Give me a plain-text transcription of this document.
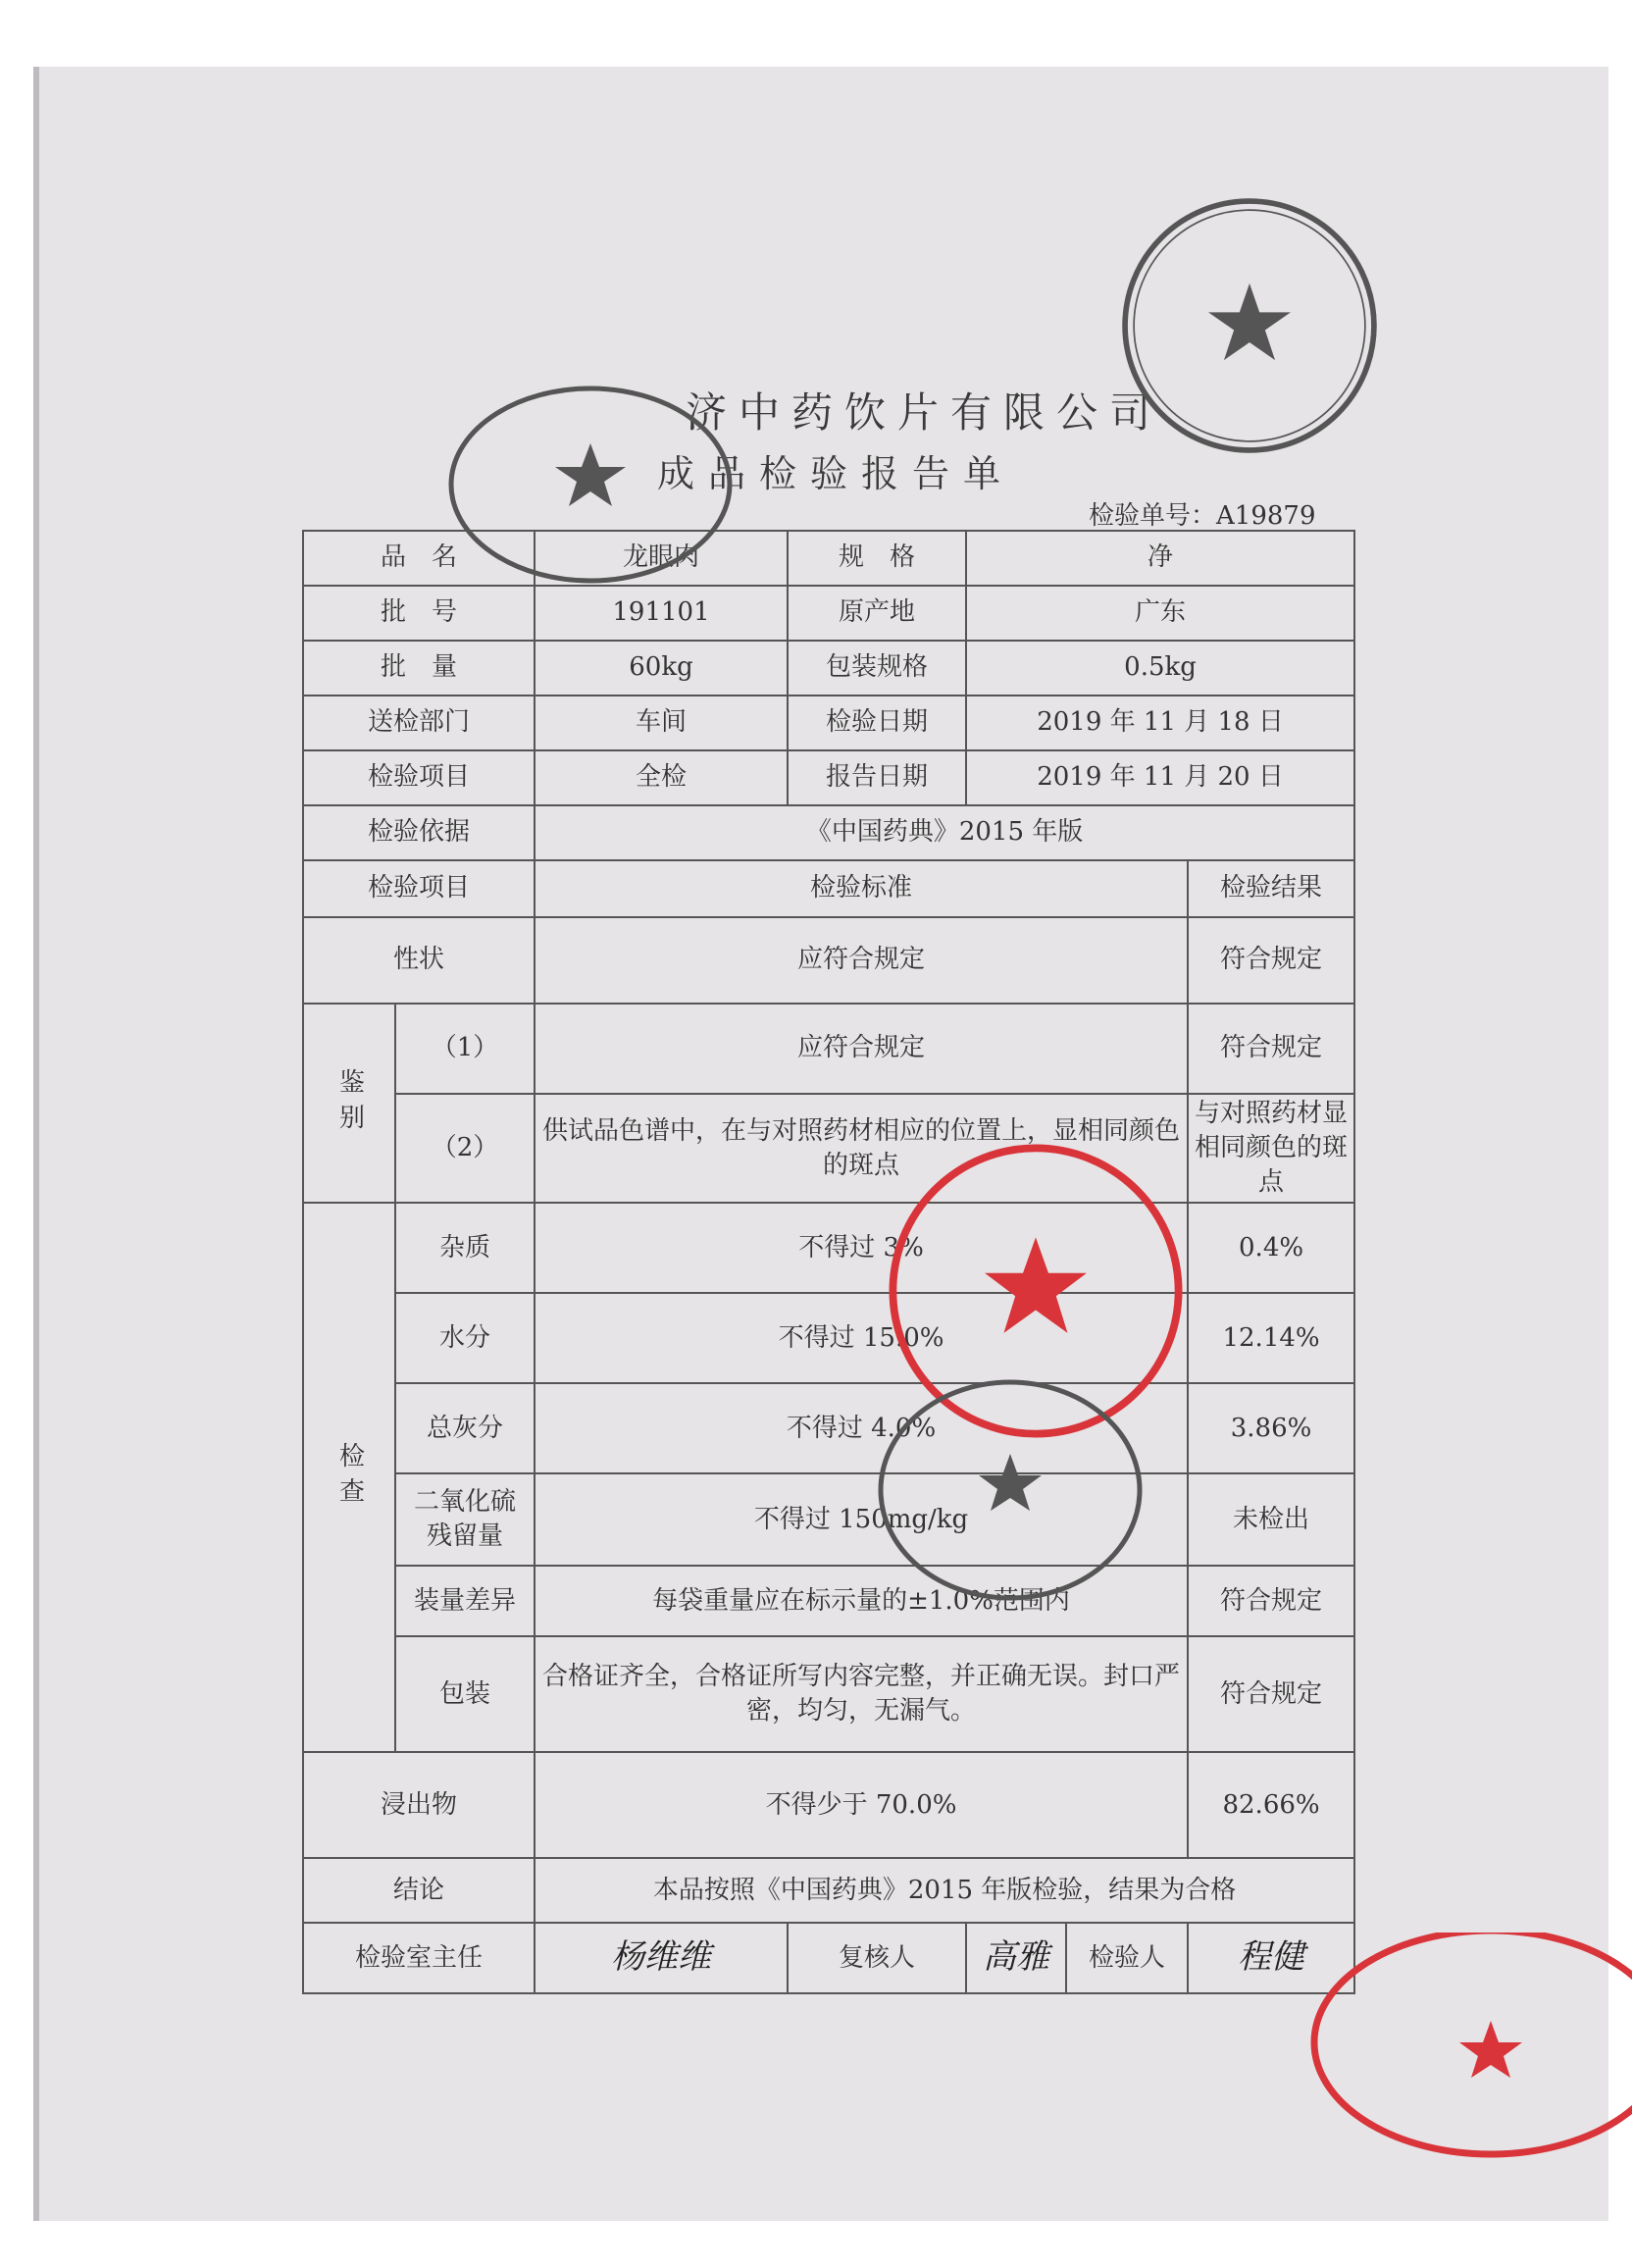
济中药饮片有限公司
成品检验报告单
检验单号：A19879
品　名		龙眼肉	规　格	净		
批　号		191101	原产地	广东		
批　量		60kg	包装规格	0.5kg		
送检部门		车间	检验日期	2019 年 11 月 18 日		
检验项目		全检	报告日期	2019 年 11 月 20 日		
检验依据		《中国药典》2015 年版				
检验项目		检验标准				检验结果
性状		应符合规定				符合规定
鉴别	（1）	应符合规定				符合规定
	（2）	供试品色谱中，在与对照药材相应的位置上，显相同颜色的斑点				与对照药材显相同颜色的斑点
检查	杂质	不得过 3%				0.4%
	水分	不得过 15.0%				12.14%
	总灰分	不得过 4.0%				3.86%
	二氧化硫残留量	不得过 150mg/kg				未检出
	装量差异	每袋重量应在标示量的±1.0%范围内				符合规定
	包装	合格证齐全，合格证所写内容完整，并正确无误。封口严密，均匀，无漏气。				符合规定
浸出物		不得少于 70.0%				82.66%
结论		本品按照《中国药典》2015 年版检验，结果为合格				
检验室主任		杨维维	复核人	高雅	检验人	程健
